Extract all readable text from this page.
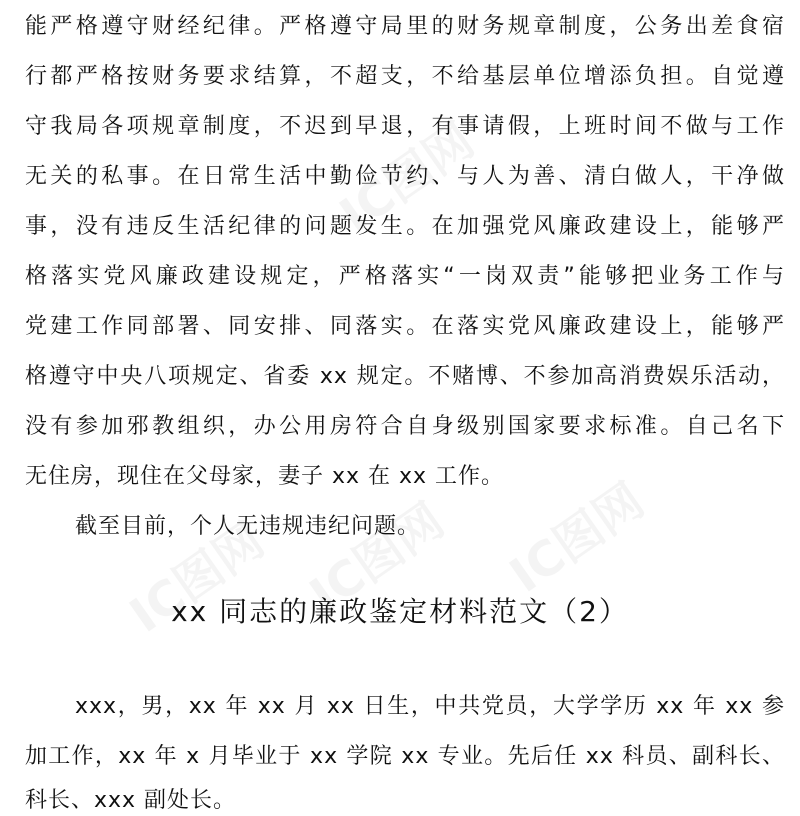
能严格遵守财经纪律。严格遵守局里的财务规章制度，公务出差食宿
行都严格按财务要求结算，不超支，不给基层单位增添负担。自觉遵
守我局各项规章制度，不迟到早退，有事请假，上班时间不做与工作
无关的私事。在日常生活中勤俭节约、与人为善、清白做人，干净做
事，没有违反生活纪律的问题发生。在加强党风廉政建设上，能够严
格落实党风廉政建设规定，严格落实“一岗双责”能够把业务工作与
党建工作同部署、同安排、同落实。在落实党风廉政建设上，能够严
格遵守中央八项规定、省委 xx 规定。不赌博、不参加高消费娱乐活动，
没有参加邪教组织，办公用房符合自身级别国家要求标准。自己名下
无住房，现住在父母家，妻子 xx 在 xx 工作。
截至目前，个人无违规违纪问题。
xx 同志的廉政鉴定材料范文（2）
xxx，男，xx 年 xx 月 xx 日生，中共党员，大学学历 xx 年 xx 参
加工作，xx 年 x 月毕业于 xx 学院 xx 专业。先后任 xx 科员、副科长、
科长、xxx 副处长。
